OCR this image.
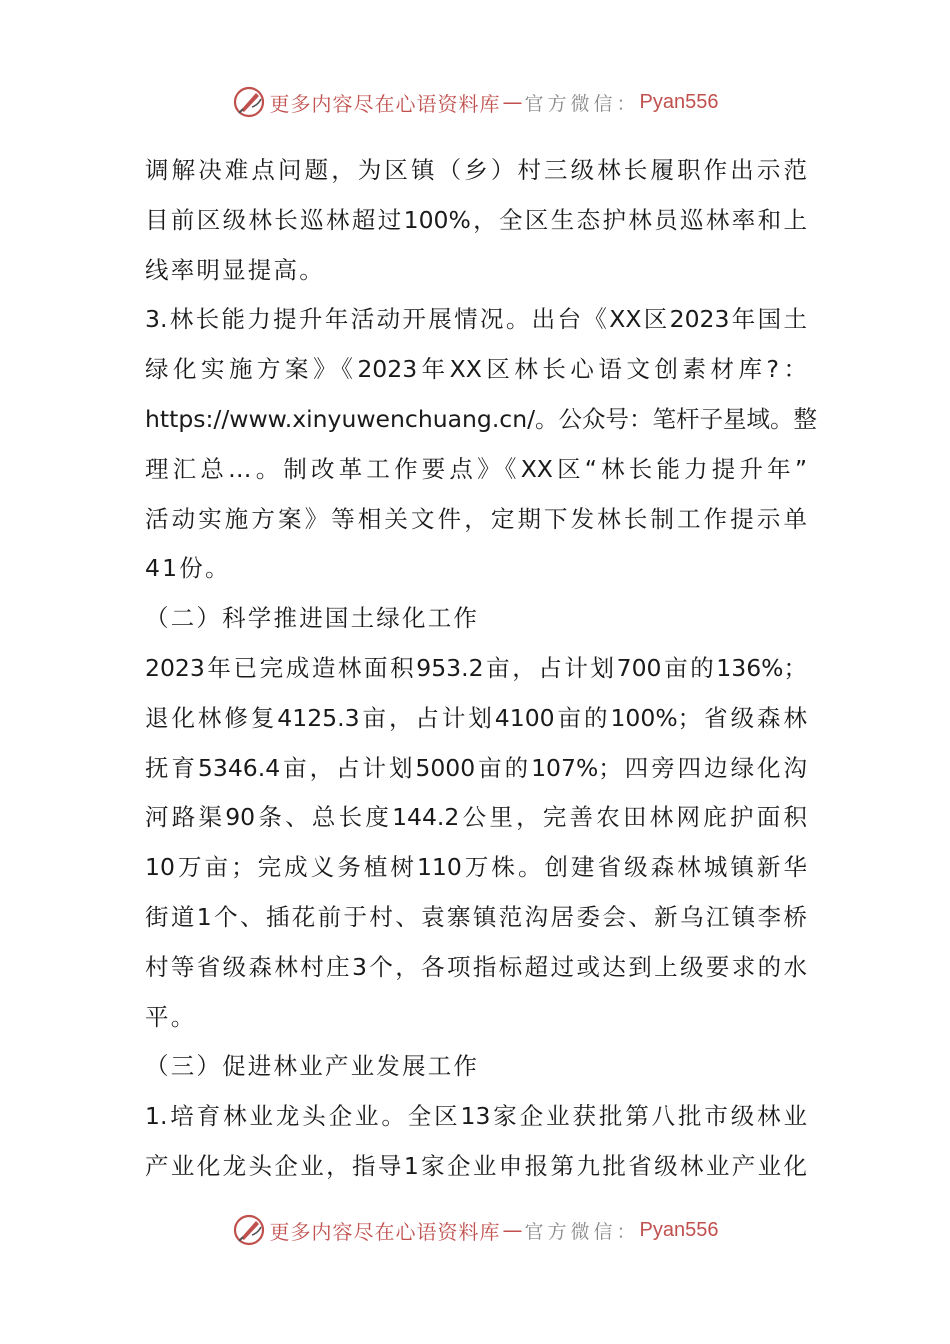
更多内容尽在心语资料库 — 官方微信： Pyan556
调解决难点问题，为区镇（乡）村三级林长履职作出示范
目前区级林长巡林超过100%，全区生态护林员巡林率和上
线率明显提高。
3.林长能力提升年活动开展情况。出台《XX区2023年国土
绿化实施方案》《2023年XX区林长心语文创素材库?：
https://www.xinyuwenchuang.cn/。公众号：笔杆子星域。整
理汇总…。制改革工作要点》《XX区“林长能力提升年”
活动实施方案》等相关文件，定期下发林长制工作提示单
41份。
（二）科学推进国土绿化工作
2023年已完成造林面积953.2亩，占计划700亩的136%；
退化林修复4125.3亩，占计划4100亩的100%；省级森林
抚育5346.4亩，占计划5000亩的107%；四旁四边绿化沟
河路渠90条、总长度144.2公里，完善农田林网庇护面积
10万亩；完成义务植树110万株。创建省级森林城镇新华
街道1个、插花前于村、袁寨镇范沟居委会、新乌江镇李桥
村等省级森林村庄3个，各项指标超过或达到上级要求的水
平。
（三）促进林业产业发展工作
1.培育林业龙头企业。全区13家企业获批第八批市级林业
产业化龙头企业，指导1家企业申报第九批省级林业产业化
更多内容尽在心语资料库 — 官方微信： Pyan556
